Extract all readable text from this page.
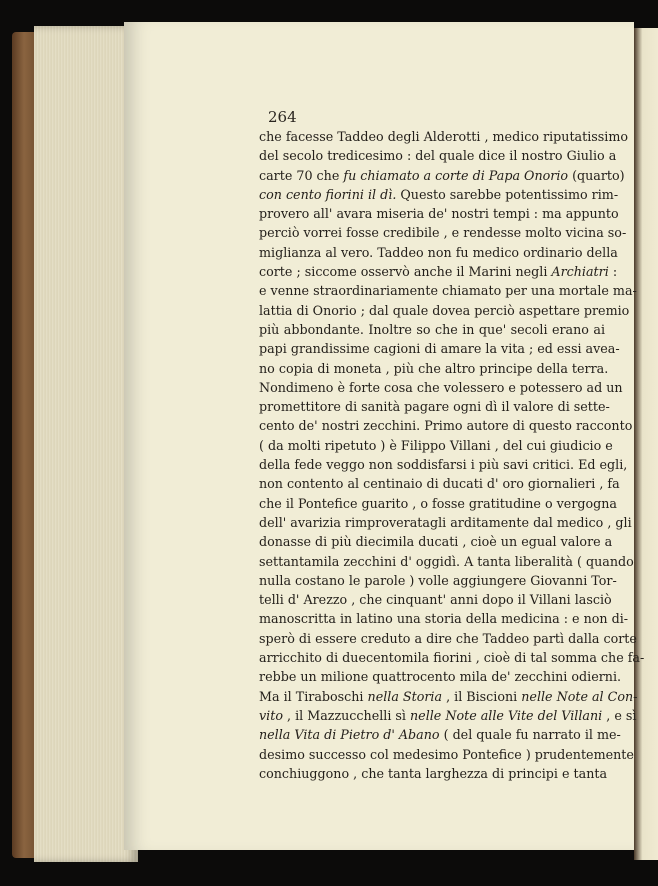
264
che facesse Taddeo degli Alderotti , medico riputatissimo
del secolo tredicesimo : del quale dice il nostro Giulio a
carte 70 che fu chiamato a corte di Papa Onorio (quarto)
con cento fiorini il dì. Questo sarebbe potentissimo rim-
provero all' avara miseria de' nostri tempi : ma appunto
perciò vorrei fosse credibile , e rendesse molto vicina so-
miglianza al vero. Taddeo non fu medico ordinario della
corte ; siccome osservò anche il Marini negli Archiatri :
e venne straordinariamente chiamato per una mortale ma-
lattia di Onorio ; dal quale dovea perciò aspettare premio
più abbondante. Inoltre so che in que' secoli erano ai
papi grandissime cagioni di amare la vita ; ed essi avea-
no copia di moneta , più che altro principe della terra.
Nondimeno è forte cosa che volessero e potessero ad un
promettitore di sanità pagare ogni dì il valore di sette-
cento de' nostri zecchini. Primo autore di questo racconto
( da molti ripetuto ) è Filippo Villani , del cui giudicio e
della fede veggo non soddisfarsi i più savi critici. Ed egli,
non contento al centinaio di ducati d' oro giornalieri , fa
che il Pontefice guarito , o fosse gratitudine o vergogna
dell' avarizia rimproveratagli arditamente dal medico , gli
donasse di più diecimila ducati , cioè un egual valore a
settantamila zecchini d' oggidì. A tanta liberalità ( quando
nulla costano le parole ) volle aggiungere Giovanni Tor-
telli d' Arezzo , che cinquant' anni dopo il Villani lasciò
manoscritta in latino una storia della medicina : e non di-
sperò di essere creduto a dire che Taddeo partì dalla corte
arricchito di duecentomila fiorini , cioè di tal somma che fa-
rebbe un milione quattrocento mila de' zecchini odierni.
Ma il Tiraboschi nella Storia , il Biscioni nelle Note al Con-
vito , il Mazzucchelli sì nelle Note alle Vite del Villani , e sì
nella Vita di Pietro d' Abano ( del quale fu narrato il me-
desimo successo col medesimo Pontefice ) prudentemente
conchiuggono , che tanta larghezza di principi e tanta
